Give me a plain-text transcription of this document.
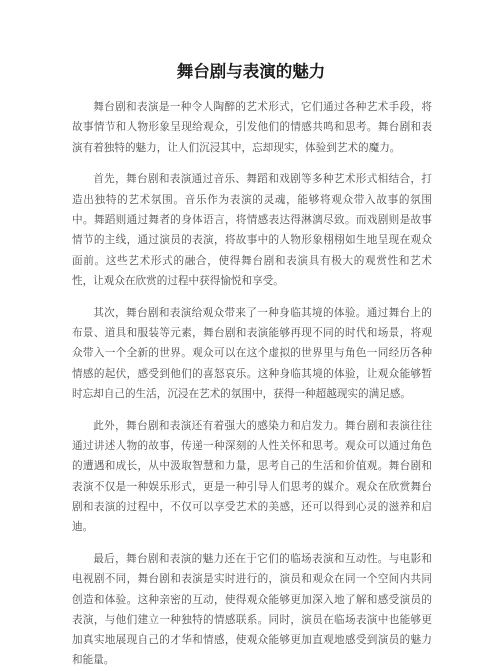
舞台剧与表演的魅力

舞台剧和表演是一种令人陶醉的艺术形式，它们通过各种艺术手段，将故事情节和人物形象呈现给观众，引发他们的情感共鸣和思考。舞台剧和表演有着独特的魅力，让人们沉浸其中，忘却现实，体验到艺术的魔力。

首先，舞台剧和表演通过音乐、舞蹈和戏剧等多种艺术形式相结合，打造出独特的艺术氛围。音乐作为表演的灵魂，能够将观众带入故事的氛围中。舞蹈则通过舞者的身体语言，将情感表达得淋漓尽致。而戏剧则是故事情节的主线，通过演员的表演，将故事中的人物形象栩栩如生地呈现在观众面前。这些艺术形式的融合，使得舞台剧和表演具有极大的观赏性和艺术性，让观众在欣赏的过程中获得愉悦和享受。

其次，舞台剧和表演给观众带来了一种身临其境的体验。通过舞台上的布景、道具和服装等元素，舞台剧和表演能够再现不同的时代和场景，将观众带入一个全新的世界。观众可以在这个虚拟的世界里与角色一同经历各种情感的起伏，感受到他们的喜怒哀乐。这种身临其境的体验，让观众能够暂时忘却自己的生活，沉浸在艺术的氛围中，获得一种超越现实的满足感。

此外，舞台剧和表演还有着强大的感染力和启发力。舞台剧和表演往往通过讲述人物的故事，传递一种深刻的人性关怀和思考。观众可以通过角色的遭遇和成长，从中汲取智慧和力量，思考自己的生活和价值观。舞台剧和表演不仅是一种娱乐形式，更是一种引导人们思考的媒介。观众在欣赏舞台剧和表演的过程中，不仅可以享受艺术的美感，还可以得到心灵的滋养和启迪。

最后，舞台剧和表演的魅力还在于它们的临场表演和互动性。与电影和电视剧不同，舞台剧和表演是实时进行的，演员和观众在同一个空间内共同创造和体验。这种亲密的互动，使得观众能够更加深入地了解和感受演员的表演，与他们建立一种独特的情感联系。同时，演员在临场表演中也能够更加真实地展现自己的才华和情感，使观众能够更加直观地感受到演员的魅力和能量。
